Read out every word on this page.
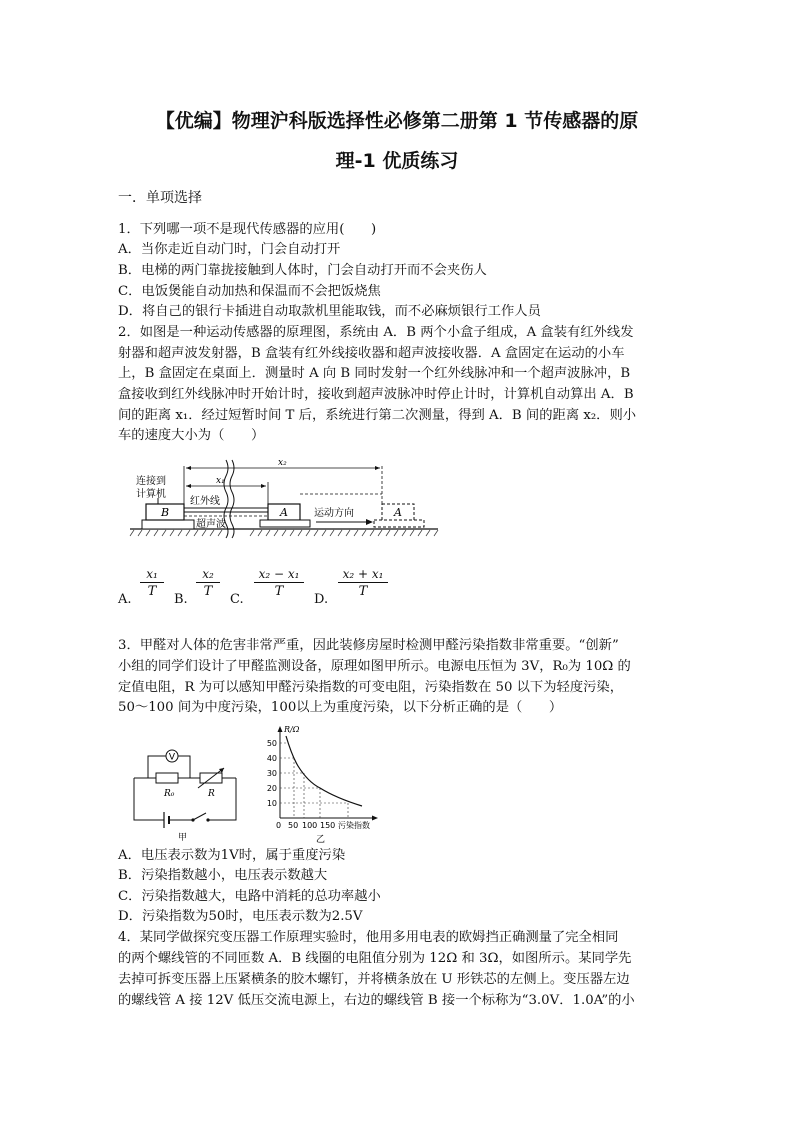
【优编】物理沪科版选择性必修第二册第 1 节传感器的原
理-1 优质练习
一．单项选择
1．下列哪一项不是现代传感器的应用(　　)
A．当你走近自动门时，门会自动打开
B．电梯的两门靠拢接触到人体时，门会自动打开而不会夹伤人
C．电饭煲能自动加热和保温而不会把饭烧焦
D．将自己的银行卡插进自动取款机里能取钱，而不必麻烦银行工作人员
2．如图是一种运动传感器的原理图，系统由 A．B 两个小盒子组成，A 盒装有红外线发
射器和超声波发射器，B 盒装有红外线接收器和超声波接收器．A 盒固定在运动的小车
上，B 盒固定在桌面上．测量时 A 向 B 同时发射一个红外线脉冲和一个超声波脉冲，B
盒接收到红外线脉冲时开始计时，接收到超声波脉冲时停止计时，计算机自动算出 A．B
间的距离 x₁．经过短暂时间 T 后，系统进行第二次测量，得到 A．B 间的距离 x₂．则小
车的速度大小为（　　）
B
连接到
计算机
红外线
超声波
A	A
运动方向
x₁
x₂
A. $\frac{\text{x₁}}{T} B$. $\frac{\text{x₂}}{T} C$. $\frac{\text{x₂ − x₁}}{T} D$. $\frac{\text{x₂ + x₁}}{T}$
3．甲醛对人体的危害非常严重，因此装修房屋时检测甲醛污染指数非常重要。“创新”
小组的同学们设计了甲醛监测设备，原理如图甲所示。电源电压恒为 3V，R₀为 10Ω 的
定值电阻，R 为可以感知甲醛污染指数的可变电阻，污染指数在 50 以下为轻度污染，
50～100 间为中度污染，100以上为重度污染，以下分析正确的是（　　）
V
R₀	R
甲
R/Ω
50
40
30
20
10
0 50 100 150 污染指数
乙
A．电压表示数为1V时，属于重度污染
B．污染指数越小，电压表示数越大
C．污染指数越大，电路中消耗的总功率越小
D．污染指数为50时，电压表示数为2.5V
4．某同学做探究变压器工作原理实验时，他用多用电表的欧姆挡正确测量了完全相同
的两个螺线管的不同匝数 A．B 线圈的电阻值分别为 12Ω 和 3Ω，如图所示。某同学先
去掉可拆变压器上压紧横条的胶木螺钉，并将横条放在 U 形铁芯的左侧上。变压器左边
的螺线管 A 接 12V 低压交流电源上，右边的螺线管 B 接一个标称为“3.0V．1.0A”的小
